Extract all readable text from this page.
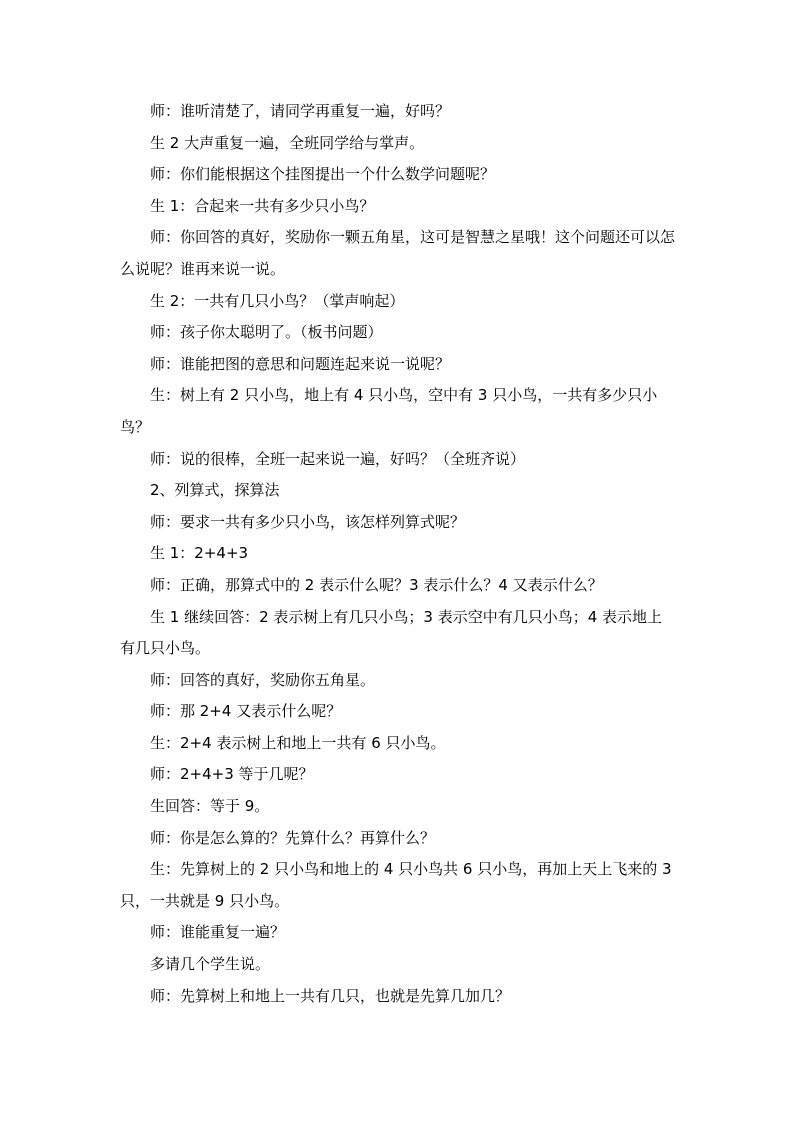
师：谁听清楚了，请同学再重复一遍，好吗？

生 2 大声重复一遍，全班同学给与掌声。

师：你们能根据这个挂图提出一个什么数学问题呢？

生 1：合起来一共有多少只小鸟？

师：你回答的真好，奖励你一颗五角星，这可是智慧之星哦！这个问题还可以怎么说呢？谁再来说一说。

生 2：一共有几只小鸟？（掌声响起）

师：孩子你太聪明了。（板书问题）

师：谁能把图的意思和问题连起来说一说呢？

生：树上有 2 只小鸟，地上有 4 只小鸟，空中有 3 只小鸟，一共有多少只小鸟？

师：说的很棒，全班一起来说一遍，好吗？（全班齐说）

2、列算式，探算法

师：要求一共有多少只小鸟，该怎样列算式呢？

生 1：2+4+3

师：正确，那算式中的 2 表示什么呢？3 表示什么？4 又表示什么？

生 1 继续回答：2 表示树上有几只小鸟；3 表示空中有几只小鸟；4 表示地上有几只小鸟。

师：回答的真好，奖励你五角星。

师：那 2+4 又表示什么呢？

生：2+4 表示树上和地上一共有 6 只小鸟。

师：2+4+3 等于几呢？

生回答：等于 9。

师：你是怎么算的？先算什么？再算什么？

生：先算树上的 2 只小鸟和地上的 4 只小鸟共 6 只小鸟，再加上天上飞来的 3 只，一共就是 9 只小鸟。

师：谁能重复一遍？

多请几个学生说。

师：先算树上和地上一共有几只，也就是先算几加几？
